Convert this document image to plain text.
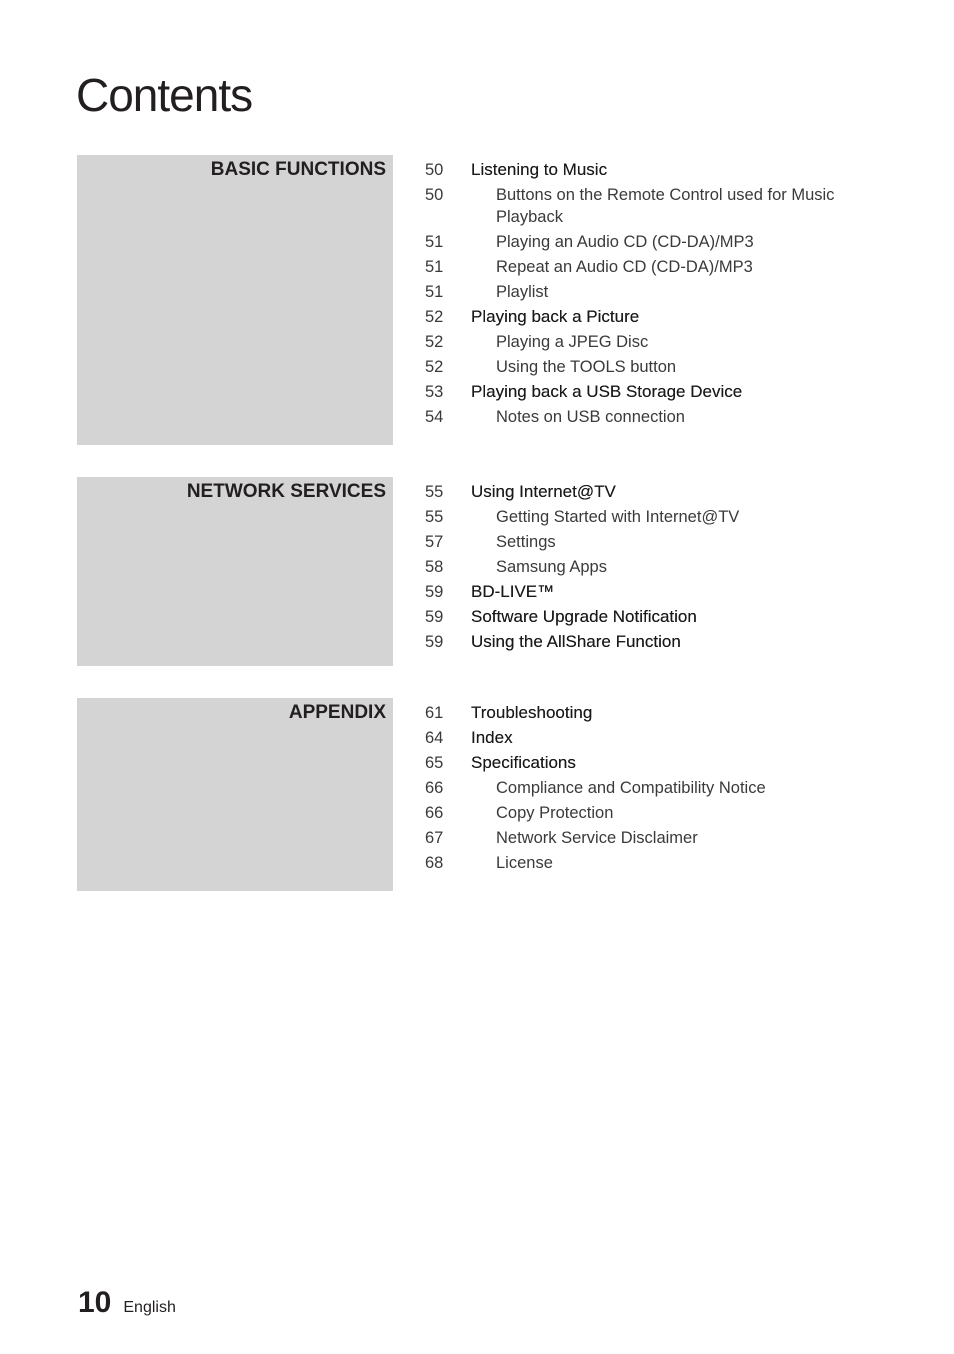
Contents
BASIC FUNCTIONS	50	Listening to Music
50	Buttons on the Remote Control used for Music Playback
51	Playing an Audio CD (CD-DA)/MP3
51	Repeat an Audio CD (CD-DA)/MP3
51	Playlist
52	Playing back a Picture
52	Playing a JPEG Disc
52	Using the TOOLS button
53	Playing back a USB Storage Device
54	Notes on USB connection
NETWORK SERVICES	55	Using Internet@TV
55	Getting Started with Internet@TV
57	Settings
58	Samsung Apps
59	BD-LIVE™
59	Software Upgrade Notification
59	Using the AllShare Function
APPENDIX	61	Troubleshooting
64	Index
65	Specifications
66	Compliance and Compatibility Notice
66	Copy Protection
67	Network Service Disclaimer
68	License
10 English
